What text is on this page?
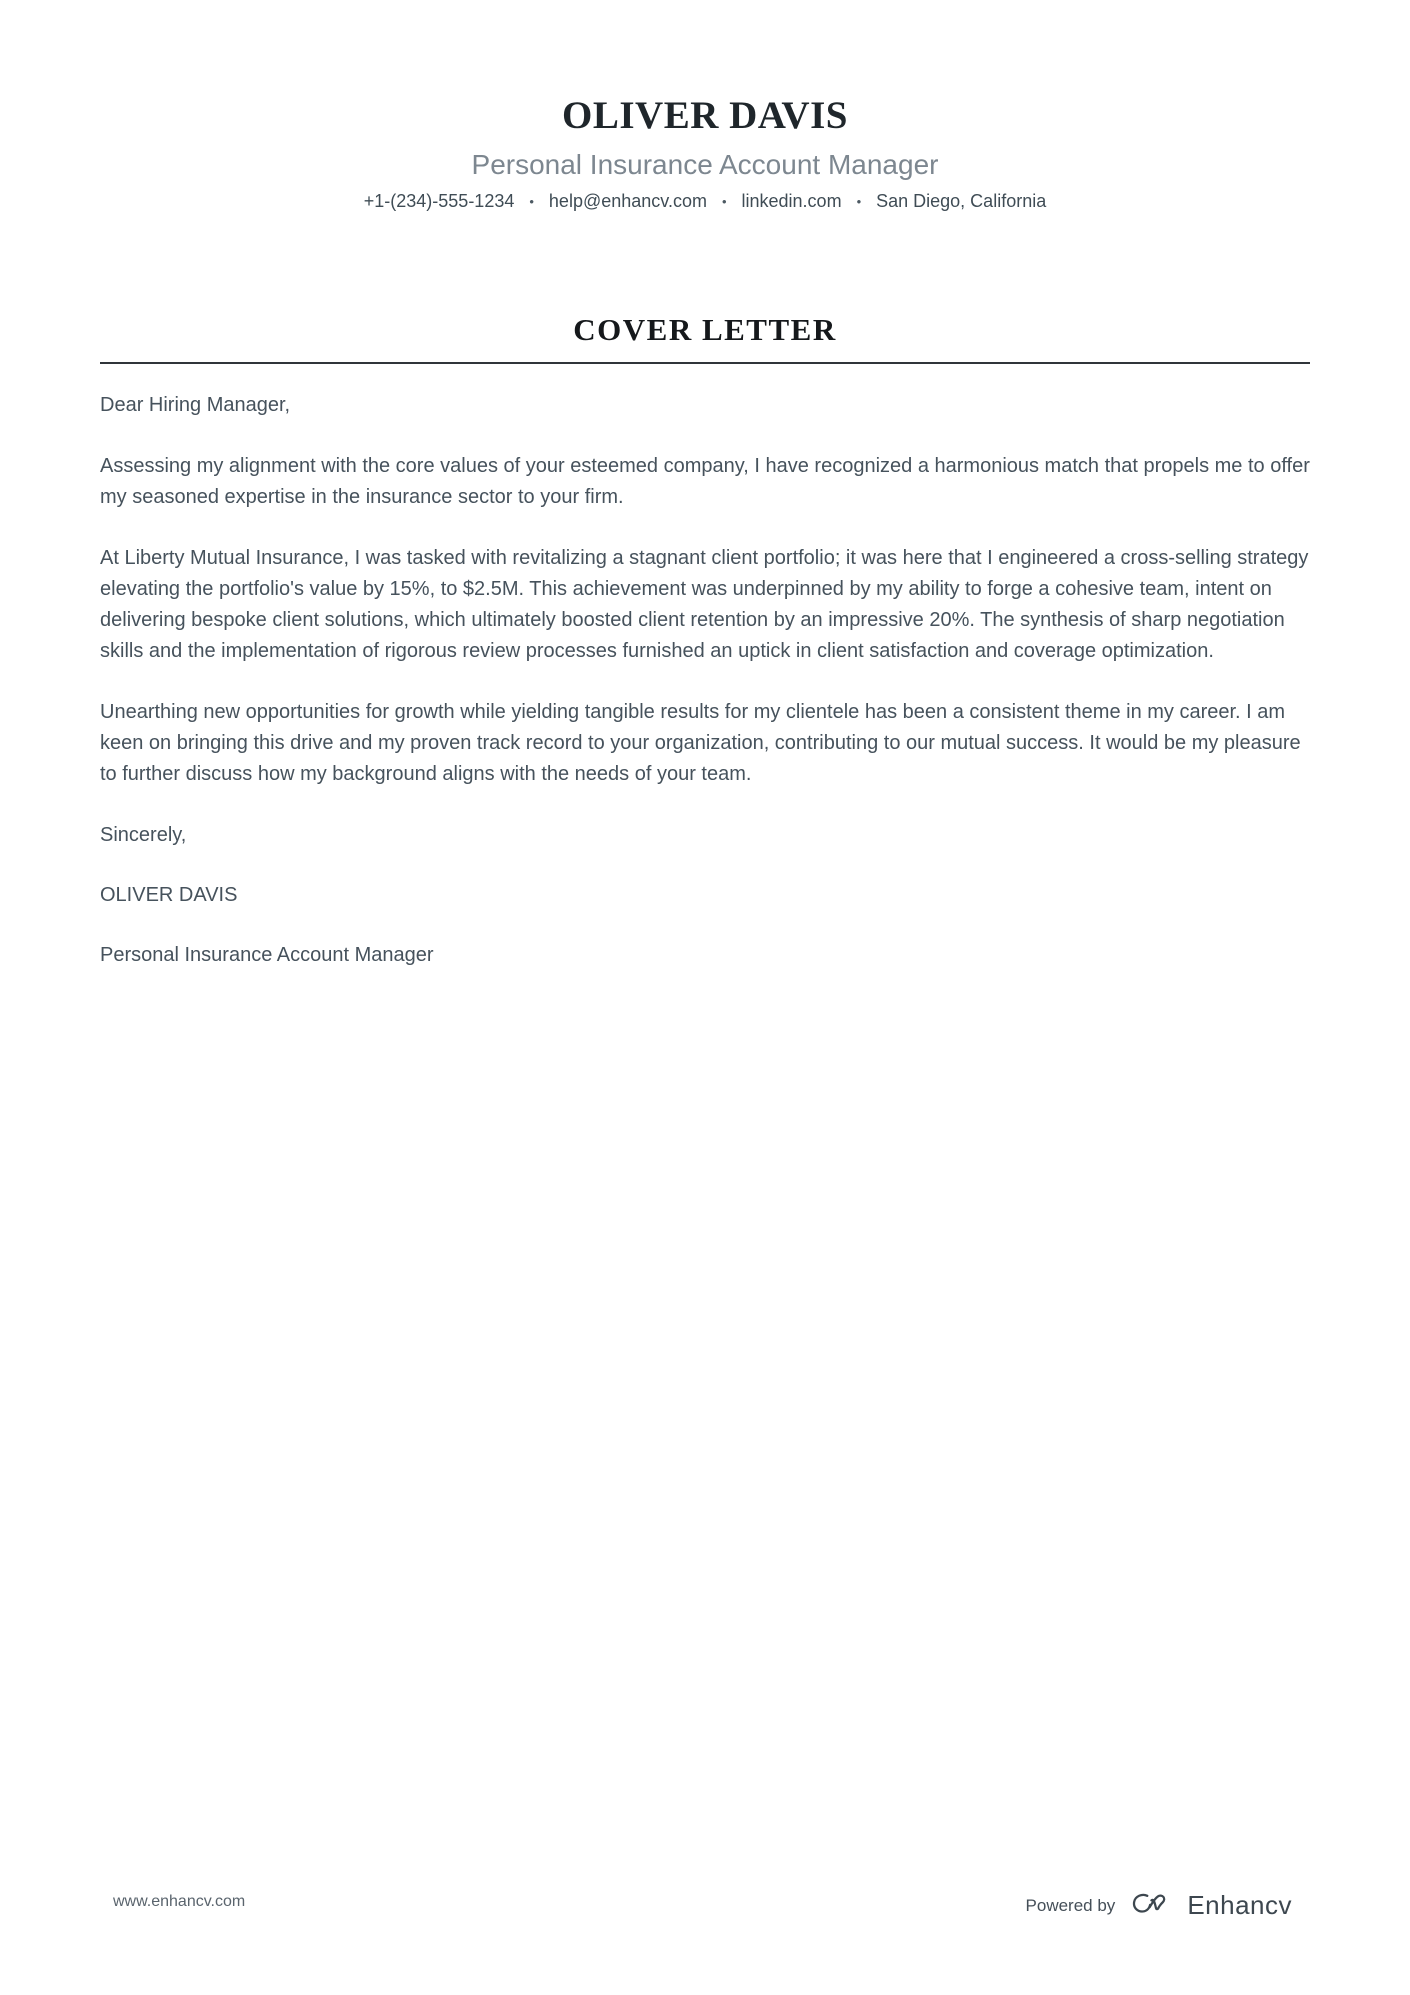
OLIVER DAVIS
Personal Insurance Account Manager
+1-(234)-555-1234 • help@enhancv.com • linkedin.com • San Diego, California
COVER LETTER

Dear Hiring Manager,

Assessing my alignment with the core values of your esteemed company, I have recognized a harmonious match that propels me to offer my seasoned expertise in the insurance sector to your firm.

At Liberty Mutual Insurance, I was tasked with revitalizing a stagnant client portfolio; it was here that I engineered a cross-selling strategy elevating the portfolio's value by 15%, to $2.5M. This achievement was underpinned by my ability to forge a cohesive team, intent on delivering bespoke client solutions, which ultimately boosted client retention by an impressive 20%. The synthesis of sharp negotiation skills and the implementation of rigorous review processes furnished an uptick in client satisfaction and coverage optimization.

Unearthing new opportunities for growth while yielding tangible results for my clientele has been a consistent theme in my career. I am keen on bringing this drive and my proven track record to your organization, contributing to our mutual success. It would be my pleasure to further discuss how my background aligns with the needs of your team.

Sincerely,

OLIVER DAVIS

Personal Insurance Account Manager

www.enhancv.com	Powered by	Enhancv
